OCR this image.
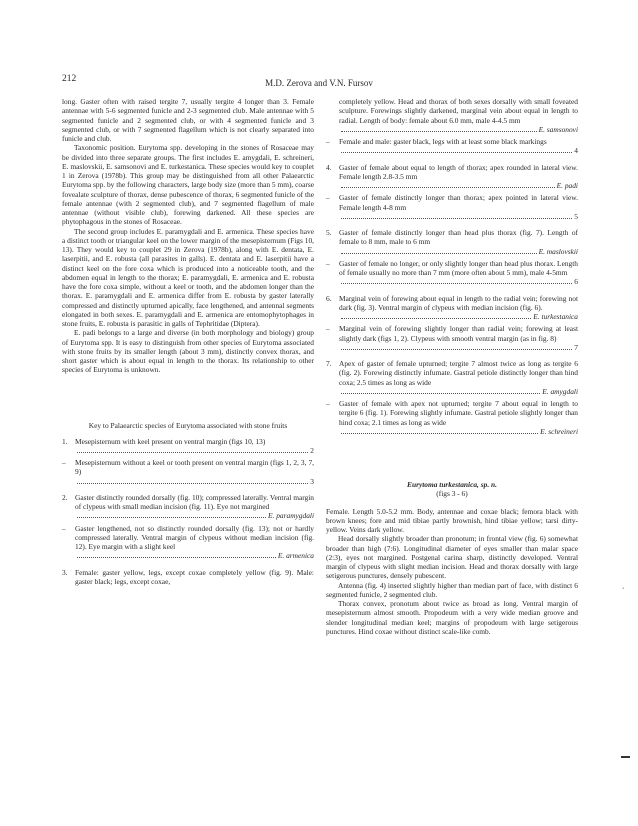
212	M.D. Zerova and V.N. Fursov

long. Gaster often with raised tergite 7, usually tergite 4 longer than 3. Female antennae with 5-6 segmented funicle and 2-3 segmented club. Male antennae with 5 segmented funicle and 2 segmented club, or with 4 segmented funicle and 3 segmented club, or with 7 segmented flagellum which is not clearly separated into funicle and club.

Taxonomic position. Eurytoma spp. developing in the stones of Rosaceae may be divided into three separate groups. The first includes E. amygdali, E. schreineri, E. maslovskii, E. samsonovi and E. turkestanica. These species would key to couplet 1 in Zerova (1978b). This group may be distinguished from all other Palaearctic Eurytoma spp. by the following characters, large body size (more than 5 mm), coarse fovealate sculpture of thorax, dense pubescence of thorax, 6 segmented funicle of the female antennae (with 2 segmented club), and 7 segmented flagellum of male antennae (without visible club), forewing darkened. All these species are phytophagous in the stones of Rosaceae.

The second group includes E. paramygdali and E. armenica. These species have a distinct tooth or triangular keel on the lower margin of the mesepisternum (Figs 10, 13). They would key to couplet 29 in Zerova (1978b), along with E. dentata, E. laserpitii, and E. robusta (all parasites in galls). E. dentata and E. laserpitii have a distinct keel on the fore coxa which is produced into a noticeable tooth, and the abdomen equal in length to the thorax; E. paramygdali, E. armenica and E. robusta have the fore coxa simple, without a keel or tooth, and the abdomen longer than the thorax. E. paramygdali and E. armenica differ from E. robusta by gaster laterally compressed and distinctly upturned apically, face lengthened, and antennal segments elongated in both sexes. E. paramygdali and E. armenica are entomophytophages in stone fruits, E. robusta is parasitic in galls of Tephritidae (Diptera).

E. padi belongs to a large and diverse (in both morphology and biology) group of Eurytoma spp. It is easy to distinguish from other species of Eurytoma associated with stone fruits by its smaller length (about 3 mm), distinctly convex thorax, and short gaster which is about equal in length to the thorax. Its relationship to other species of Eurytoma is unknown.

Key to Palaearctic species of Eurytoma associated with stone fruits

1.	Mesepisternum with keel present on ventral margin (figs 10, 13)
2
–	Mesepisternum without a keel or tooth present on ventral margin (figs 1, 2, 3, 7, 9)
3
2.	Gaster distinctly rounded dorsally (fig. 10); compressed laterally. Ventral margin of clypeus with small median incision (fig. 11). Eye not margined
E. paramygdali
–	Gaster lengthened, not so distinctly rounded dorsally (fig. 13); not or hardly compressed laterally. Ventral margin of clypeus without median incision (fig. 12). Eye margin with a slight keel
E. armenica
3.	Female: gaster yellow, legs, except coxae completely yellow (fig. 9). Male: gaster black; legs, except coxae,
completely yellow. Head and thorax of both sexes dorsally with small foveated sculpture. Forewings slightly darkened, marginal vein about equal in length to radial. Length of body: female about 6.0 mm, male 4-4.5 mm
E. samsonovi
–	Female and male: gaster black, legs with at least some black markings
4
4.	Gaster of female about equal to length of thorax; apex rounded in lateral view. Female length 2.8-3.5 mm
E. padi
–	Gaster of female distinctly longer than thorax; apex pointed in lateral view. Female length 4-8 mm
5
5.	Gaster of female distinctly longer than head plus thorax (fig. 7). Length of female to 8 mm, male to 6 mm
E. maslovskii
–	Gaster of female no longer, or only slightly longer than head plus thorax. Length of female usually no more than 7 mm (more often about 5 mm), male 4-5mm
6
6.	Marginal vein of forewing about equal in length to the radial vein; forewing not dark (fig. 3). Ventral margin of clypeus with median incision (fig. 6).
E. turkestanica
–	Marginal vein of forewing slightly longer than radial vein; forewing at least slightly dark (figs 1, 2). Clypeus with smooth ventral margin (as in fig. 8)
7
7.	Apex of gaster of female upturned; tergite 7 almost twice as long as tergite 6 (fig. 2). Forewing distinctly infumate. Gastral petiole distinctly longer than hind coxa; 2.5 times as long as wide
E. amygdali
–	Gaster of female with apex not upturned; tergite 7 about equal in length to tergite 6 (fig. 1). Forewing slightly infumate. Gastral petiole slightly longer than hind coxa; 2.1 times as long as wide
E. schreineri

Eurytoma turkestanica, sp. n.

(figs 3 - 6)

Female. Length 5.0-5.2 mm. Body, antennae and coxae black; femora black with brown knees; fore and mid tibiae partly brownish, hind tibiae yellow; tarsi dirty-yellow. Veins dark yellow.

Head dorsally slightly broader than pronotum; in frontal view (fig. 6) somewhat broader than high (7:6). Longitudinal diameter of eyes smaller than malar space (2:3), eyes not margined. Postgenal carina sharp, distinctly developed. Ventral margin of clypeus with slight median incision. Head and thorax dorsally with large setigerous punctures, densely pubescent.

Antenna (fig. 4) inserted slightly higher than median part of face, with distinct 6 segmented funicle, 2 segmented club.

Thorax convex, pronotum about twice as broad as long. Ventral margin of mesepisternum almost smooth. Propodeum with a very wide median groove and slender longitudinal median keel; margins of propodeum with large setigerous punctures. Hind coxae without distinct scale-like comb.

‘
